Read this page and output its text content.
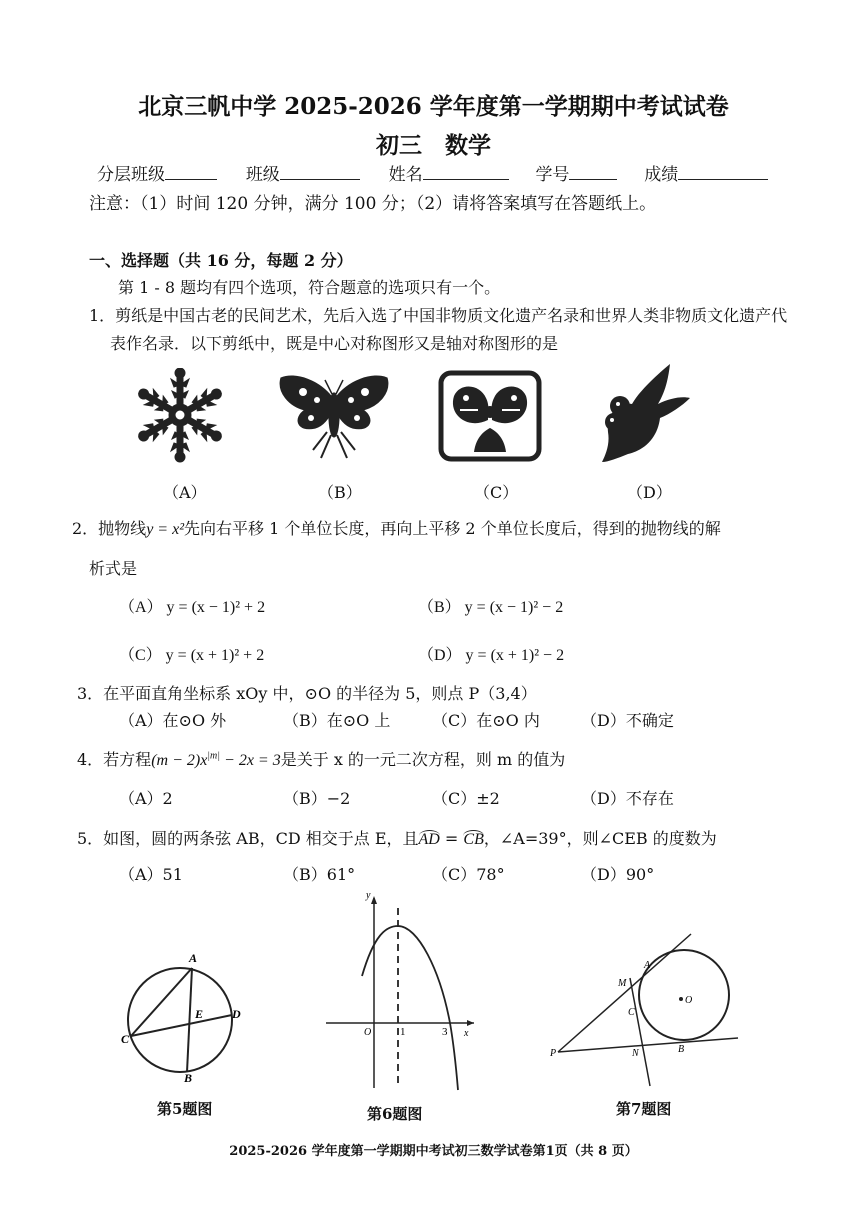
北京三帆中学 2025-2026 学年度第一学期期中考试试卷
初三　数学
分层班级	班级	姓名	学号	成绩
注意：（1）时间 120 分钟，满分 100 分；（2）请将答案填写在答题纸上。
一、选择题（共 16 分，每题 2 分）
第 1 - 8 题均有四个选项，符合题意的选项只有一个。
1．剪纸是中国古老的民间艺术，先后入选了中国非物质文化遗产名录和世界人类非物质文化遗产代
表作名录．以下剪纸中，既是中心对称图形又是轴对称图形的是
（A）	（B）	（C）	（D）
2．抛物线y = x²先向右平移 1 个单位长度，再向上平移 2 个单位长度后，得到的抛物线的解
析式是
（A） y = (x − 1)² + 2	（B） y = (x − 1)² − 2
（C） y = (x + 1)² + 2	（D） y = (x + 1)² − 2
3．在平面直角坐标系 xOy 中，⊙O 的半径为 5，则点 P（3,4）
（A）在⊙O 外	（B）在⊙O 上	（C）在⊙O 内	（D）不确定
4．若方程$(m - 2)x^{|m|} - 2x = 3$是关于 x 的一元二次方程，则 m 的值为
（A）2	（B）−2	（C）±2	（D）不存在
5．如图，圆的两条弦 AB，CD 相交于点 E，且AD = CB，∠A=39°，则∠CEB 的度数为
（A）51	（B）61°	（C）78°	（D）90°
A
B
C
D
E
第5题图
y
x
O	1	3
第6题图
A
M
C
O
P	N	B
第7题图
2025-2026 学年度第一学期期中考试初三数学试卷第1页（共 8 页）
